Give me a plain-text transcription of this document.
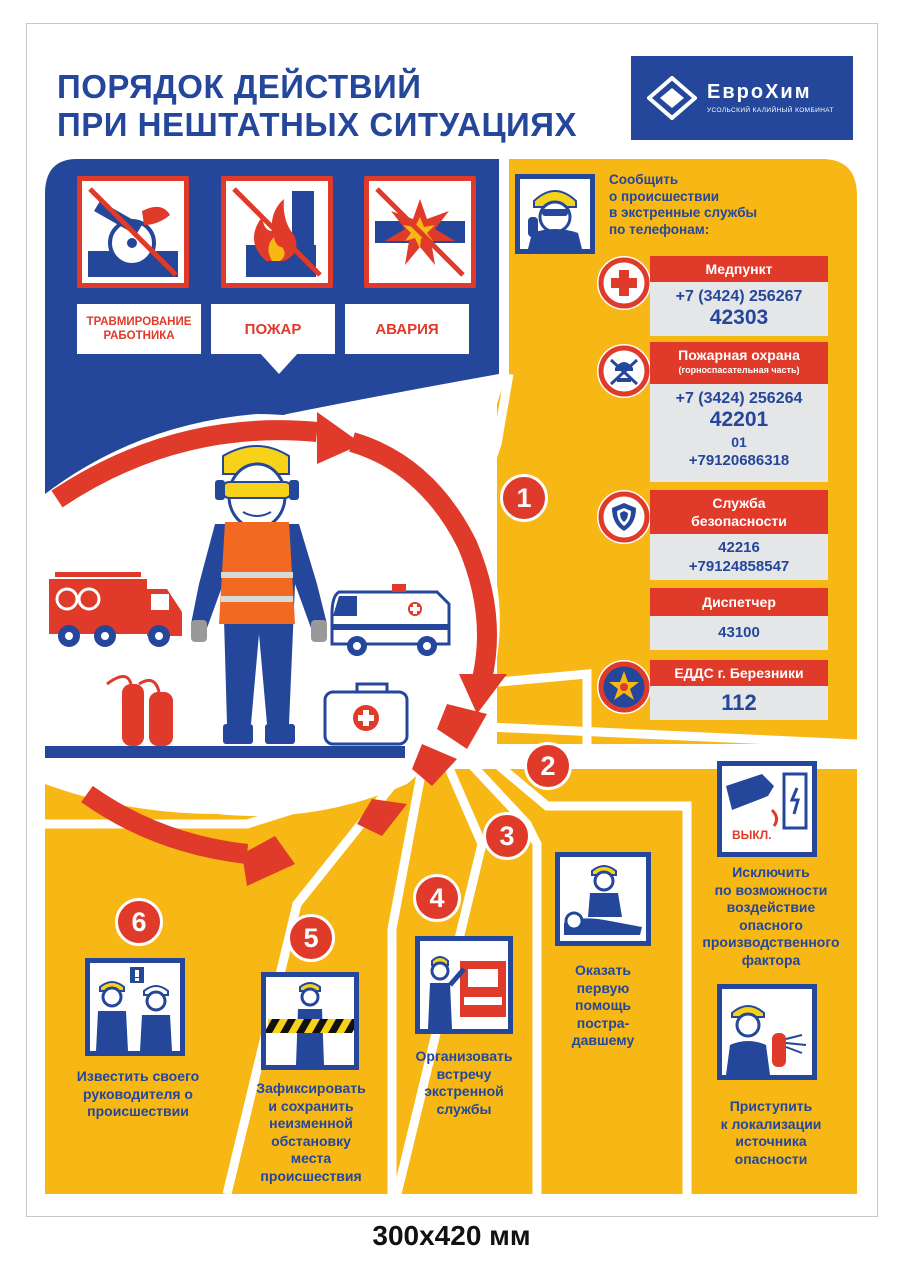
ПОРЯДОК ДЕЙСТВИЙ
ПРИ НЕШТАТНЫХ СИТУАЦИЯХ
ЕвроХим
УСОЛЬСКИЙ КАЛИЙНЫЙ КОМБИНАТ
ТРАВМИРОВАНИЕ
РАБОТНИКА	ПОЖАР	АВАРИЯ
Сообщить
о происшествии
в экстренные службы
по телефонам:
Медпункт
+7 (3424) 256267
42303
Пожарная охрана
(горноспасательная часть)
+7 (3424) 256264
42201
01
+79120686318
Служба
безопасности
42216
+79124858547
Диспетчер
43100
ЕДДС г. Березники
112
1
2
3
4
5
6
ВЫКЛ.
Исключить
по возможности
воздействие
опасного
производственного
фактора
Приступить
к локализации
источника
опасности
Оказать
первую
помощь
постра-
давшему
Организовать
встречу
экстренной
службы
Зафиксировать
и сохранить
неизменной
обстановку
места
происшествия
Известить своего
руководителя о
происшествии
300x420 мм
